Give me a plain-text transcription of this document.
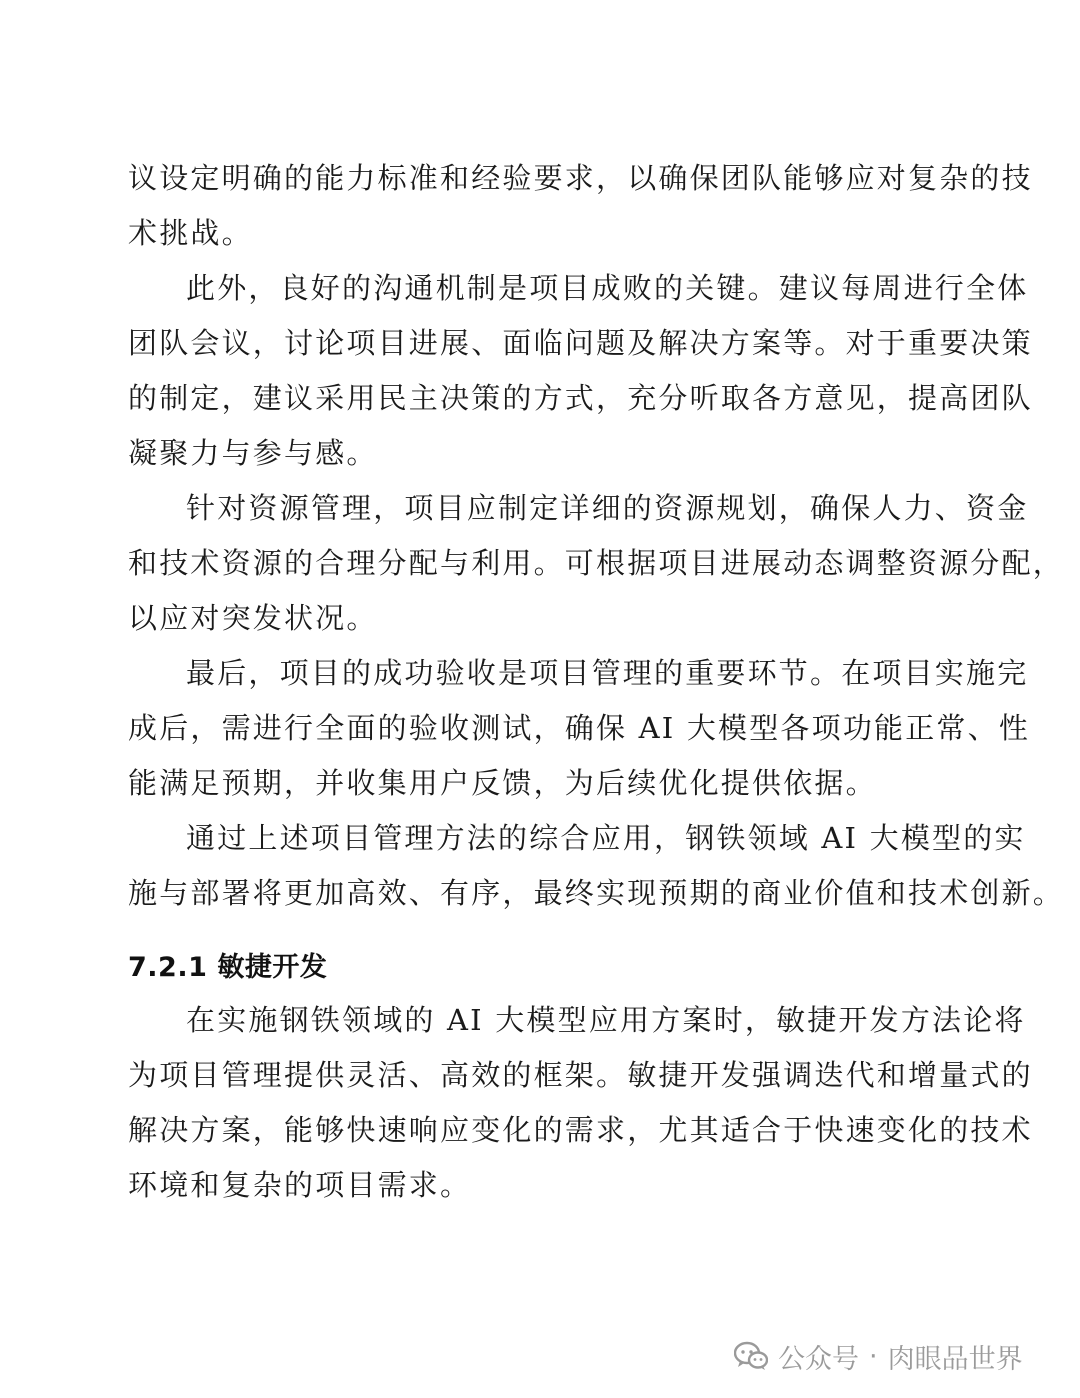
议设定明确的能力标准和经验要求，以确保团队能够应对复杂的技
术挑战。
此外，良好的沟通机制是项目成败的关键。建议每周进行全体
团队会议，讨论项目进展、面临问题及解决方案等。对于重要决策
的制定，建议采用民主决策的方式，充分听取各方意见，提高团队
凝聚力与参与感。
针对资源管理，项目应制定详细的资源规划，确保人力、资金
和技术资源的合理分配与利用。可根据项目进展动态调整资源分配，
以应对突发状况。
最后，项目的成功验收是项目管理的重要环节。在项目实施完
成后，需进行全面的验收测试，确保 AI 大模型各项功能正常、性
能满足预期，并收集用户反馈，为后续优化提供依据。
通过上述项目管理方法的综合应用，钢铁领域 AI 大模型的实
施与部署将更加高效、有序，最终实现预期的商业价值和技术创新。
7.2.1 敏捷开发
在实施钢铁领域的 AI 大模型应用方案时，敏捷开发方法论将
为项目管理提供灵活、高效的框架。敏捷开发强调迭代和增量式的
解决方案，能够快速响应变化的需求，尤其适合于快速变化的技术
环境和复杂的项目需求。
公众号 · 肉眼品世界
